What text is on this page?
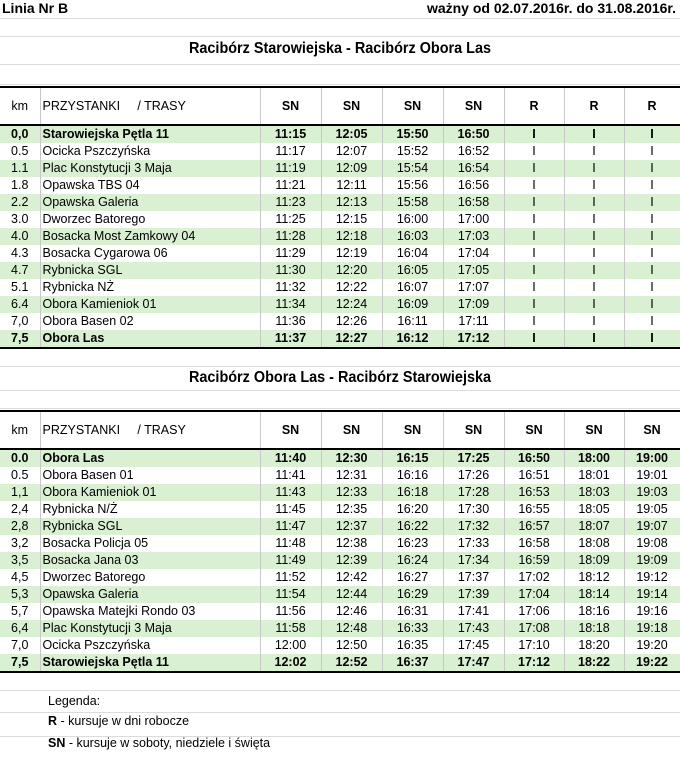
Linia Nr B	ważny od 02.07.2016r. do 31.08.2016r.
Racibórz Starowiejska - Racibórz Obora Las
km	PRZYSTANKI     / TRASY	SN	SN	SN	SN	R	R	R
0,0	Starowiejska Pętla 11	11:15	12:05	15:50	16:50	I	I	I
0.5	Ocicka Pszczyńska	11:17	12:07	15:52	16:52	I	I	I
1.1	Plac Konstytucji 3 Maja	11:19	12:09	15:54	16:54	I	I	I
1.8	Opawska TBS 04	11:21	12:11	15:56	16:56	I	I	I
2.2	Opawska Galeria	11:23	12:13	15:58	16:58	I	I	I
3.0	Dworzec Batorego	11:25	12:15	16:00	17:00	I	I	I
4.0	Bosacka Most Zamkowy 04	11:28	12:18	16:03	17:03	I	I	I
4.3	Bosacka Cygarowa 06	11:29	12:19	16:04	17:04	I	I	I
4.7	Rybnicka SGL	11:30	12:20	16:05	17:05	I	I	I
5.1	Rybnicka NŻ	11:32	12:22	16:07	17:07	I	I	I
6.4	Obora Kamieniok 01	11:34	12:24	16:09	17:09	I	I	I
7,0	Obora Basen 02	11:36	12:26	16:11	17:11	I	I	I
7,5	Obora Las	11:37	12:27	16:12	17:12	I	I	I
Racibórz Obora Las - Racibórz Starowiejska
km	PRZYSTANKI     / TRASY	SN	SN	SN	SN	SN	SN	SN
0.0	Obora Las	11:40	12:30	16:15	17:25	16:50	18:00	19:00
0.5	Obora Basen 01	11:41	12:31	16:16	17:26	16:51	18:01	19:01
1,1	Obora Kamieniok 01	11:43	12:33	16:18	17:28	16:53	18:03	19:03
2,4	Rybnicka N/Ż	11:45	12:35	16:20	17:30	16:55	18:05	19:05
2,8	Rybnicka SGL	11:47	12:37	16:22	17:32	16:57	18:07	19:07
3,2	Bosacka Policja 05	11:48	12:38	16:23	17:33	16:58	18:08	19:08
3,5	Bosacka Jana 03	11:49	12:39	16:24	17:34	16:59	18:09	19:09
4,5	Dworzec Batorego	11:52	12:42	16:27	17:37	17:02	18:12	19:12
5,3	Opawska Galeria	11:54	12:44	16:29	17:39	17:04	18:14	19:14
5,7	Opawska Matejki Rondo 03	11:56	12:46	16:31	17:41	17:06	18:16	19:16
6,4	Plac Konstytucji 3 Maja	11:58	12:48	16:33	17:43	17:08	18:18	19:18
7,0	Ocicka Pszczyńska	12:00	12:50	16:35	17:45	17:10	18:20	19:20
7,5	Starowiejska Pętla 11	12:02	12:52	16:37	17:47	17:12	18:22	19:22
Legenda:
R - kursuje w dni robocze
SN - kursuje w soboty, niedziele i święta
